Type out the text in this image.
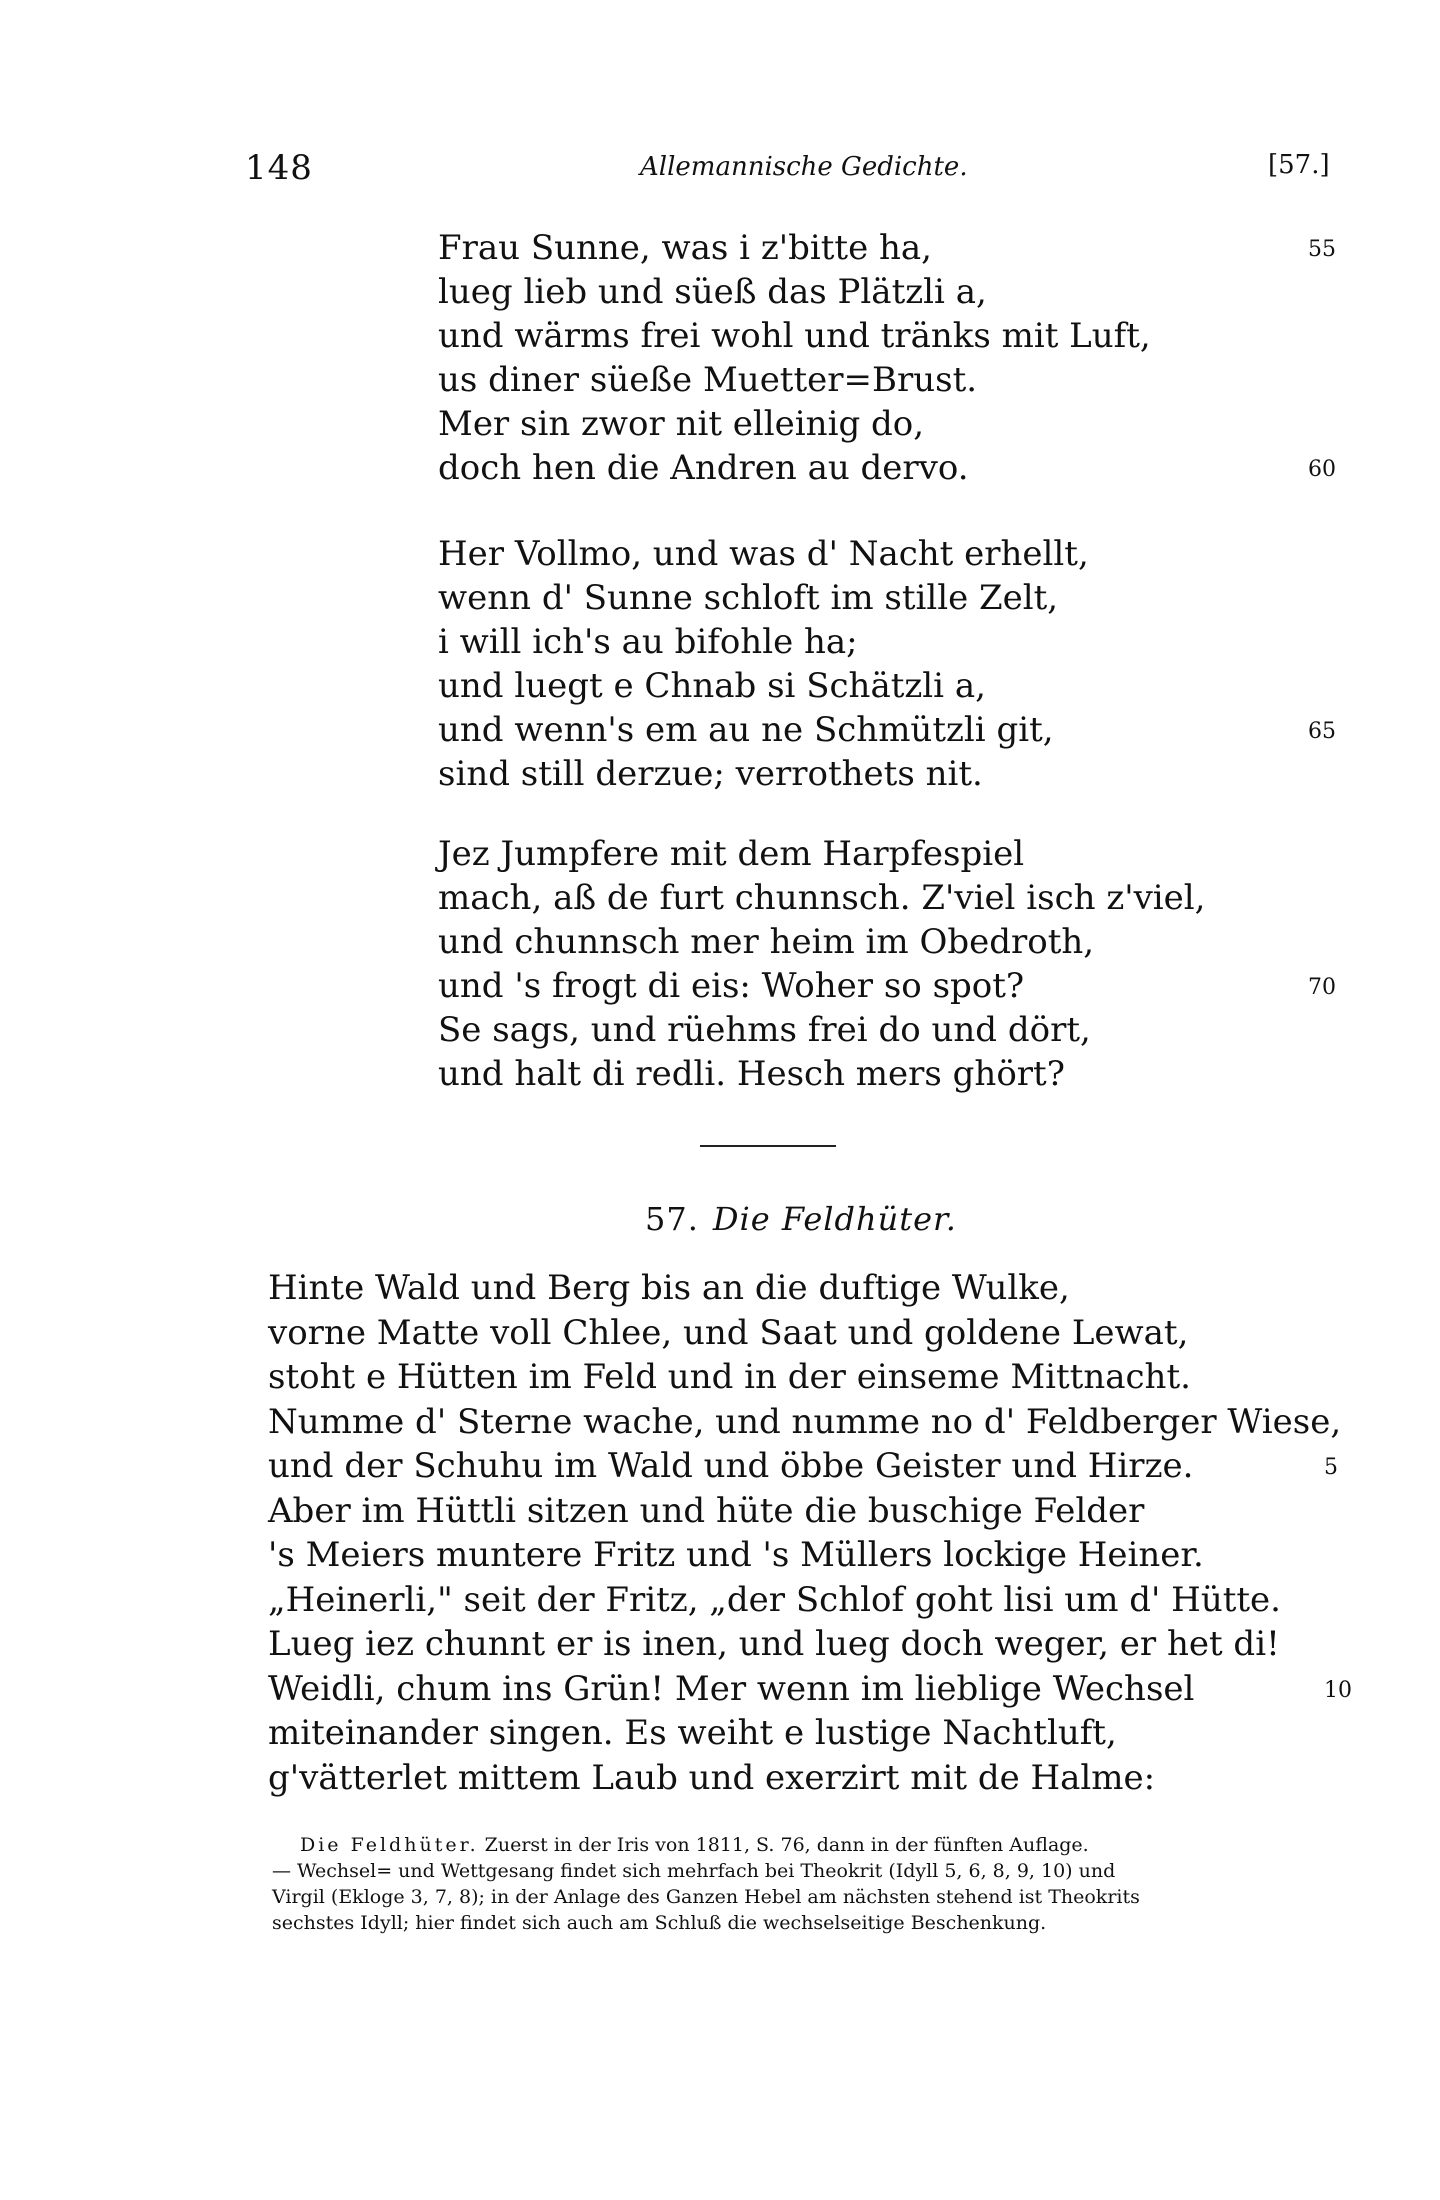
148	Allemannische Gedichte.	[57.]
Frau Sunne, was i z'bitte ha,	55
lueg lieb und süeß das Plätzli a,
und wärms frei wohl und tränks mit Luft,
us diner süeße Muetter=Brust.
Mer sin zwor nit elleinig do,
doch hen die Andren au dervo.	60
Her Vollmo, und was d' Nacht erhellt,
wenn d' Sunne schloft im stille Zelt,
i will ich's au bifohle ha;
und luegt e Chnab si Schätzli a,
und wenn's em au ne Schmützli git,	65
sind still derzue; verrothets nit.
Jez Jumpfere mit dem Harpfespiel
mach, aß de furt chunnsch. Z'viel isch z'viel,
und chunnsch mer heim im Obedroth,
und 's frogt di eis: Woher so spot?	70
Se sags, und rüehms frei do und dört,
und halt di redli. Hesch mers ghört?
57. Die Feldhüter.
Hinte Wald und Berg bis an die duftige Wulke,
vorne Matte voll Chlee, und Saat und goldene Lewat,
stoht e Hütten im Feld und in der einseme Mittnacht.
Numme d' Sterne wache, und numme no d' Feldberger Wiese,
und der Schuhu im Wald und öbbe Geister und Hirze.	5
Aber im Hüttli sitzen und hüte die buschige Felder
's Meiers muntere Fritz und 's Müllers lockige Heiner.
„Heinerli," seit der Fritz, „der Schlof goht lisi um d' Hütte.
Lueg iez chunnt er is inen, und lueg doch weger, er het di!
Weidli, chum ins Grün! Mer wenn im lieblige Wechsel	10
miteinander singen. Es weiht e lustige Nachtluft,
g'vätterlet mittem Laub und exerzirt mit de Halme:
Die Feldhüter. Zuerst in der Iris von 1811, S. 76, dann in der fünften Auflage.
— Wechsel= und Wettgesang findet sich mehrfach bei Theokrit (Idyll 5, 6, 8, 9, 10) und
Virgil (Ekloge 3, 7, 8); in der Anlage des Ganzen Hebel am nächsten stehend ist Theokrits
sechstes Idyll; hier findet sich auch am Schluß die wechselseitige Beschenkung.
